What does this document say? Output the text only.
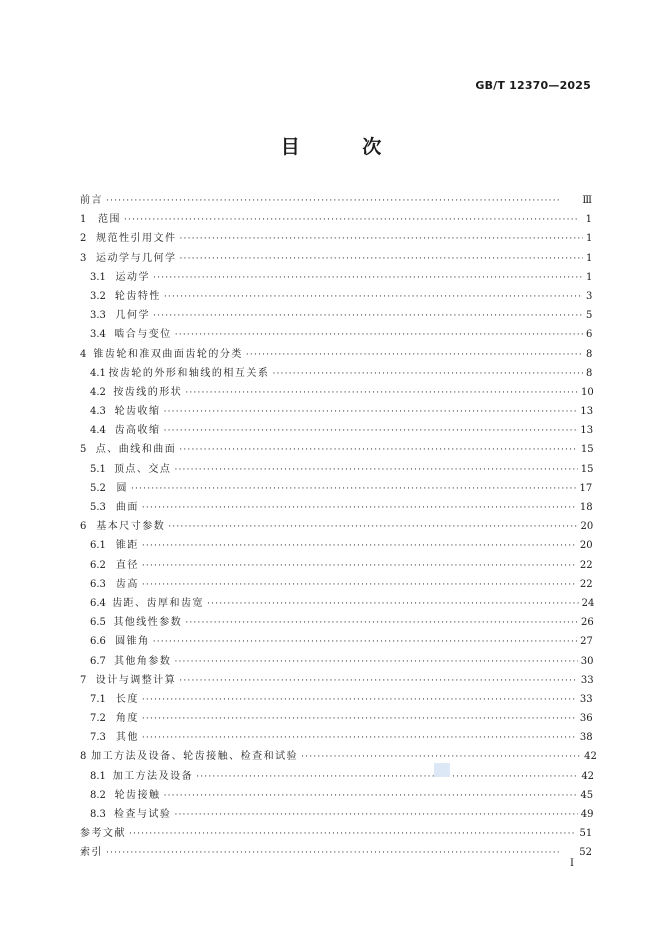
GB/T 12370—2025
目 次
前言 ·····	Ⅲ
1	范围 ·····	1
2 规范性引用文件 ·····	1
3 运动学与几何学 ·····	1
3.1 运动学 ·····	1
3.2 轮齿特性 ·····	3
3.3 几何学 ·····	5
3.4 啮合与变位 ·····	6
4 锥齿轮和准双曲面齿轮的分类 ·····	8
4.1 按齿轮的外形和轴线的相互关系 ·····	8
4.2 按齿线的形状 ·····	10
4.3 轮齿收缩 ·····	13
4.4 齿高收缩 ·····	13
5 点、曲线和曲面 ·····	15
5.1 顶点、交点 ·····	15
5.2	圆 ·····	17
5.3 曲面 ·····	18
6 基本尺寸参数 ·····	20
6.1 锥距 ·····	20
6.2 直径 ·····	22
6.3 齿高 ·····	22
6.4 齿距、齿厚和齿宽 ·····	24
6.5 其他线性参数 ·····	26
6.6 圆锥角 ·····	27
6.7 其他角参数 ·····	30
7 设计与调整计算 ·····	33
7.1 长度 ·····	33
7.2 角度 ·····	36
7.3 其他 ·····	38
8 加工方法及设备、轮齿接触、检查和试验 ·····	42
8.1 加工方法及设备 ·····	42
8.2 轮齿接触 ·····	45
8.3 检查与试验 ·····	49
参考文献 ·····	51
索引 ·····	52
I
